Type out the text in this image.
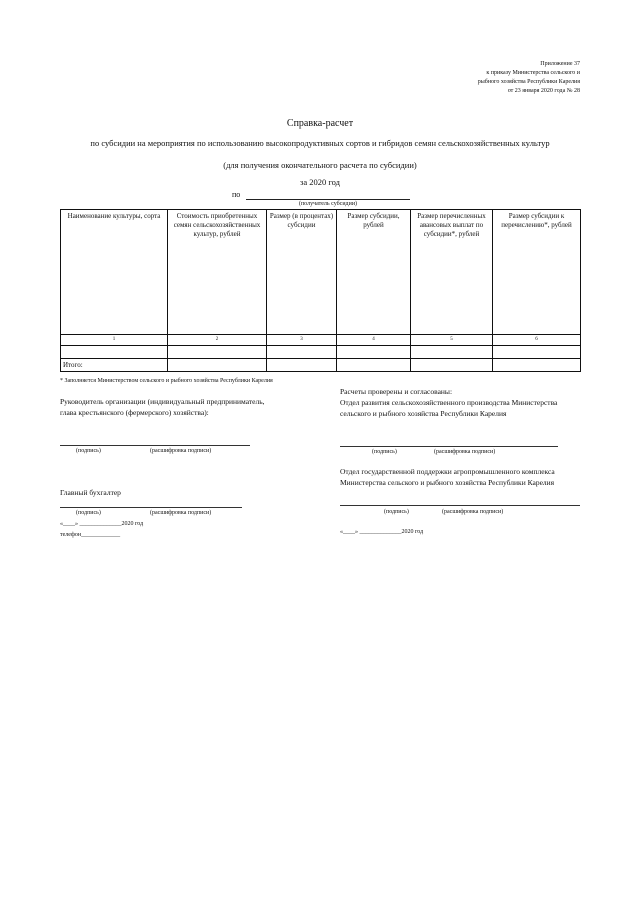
Приложение 37
к приказу Министерства сельского и
рыбного хозяйства Республики Карелия
от 23 января 2020 года № 28
Справка-расчет
по субсидии на мероприятия по использованию высокопродуктивных сортов и гибридов семян сельскохозяйственных культур
(для получения окончательного расчета по субсидии)
за 2020 год
по
(получатель субсидии)
Наименование культуры, сорта	Стоимость приобретенных семян сельскохозяйственных культур, рублей	Размер (в процентах) субсидии	Размер субсидии, рублей	Размер перечисленных авансовых выплат по субсидии*, рублей	Размер субсидии к перечислению*, рублей
1	2	3	4	5	6

Итого:					
* Заполняется Министерством сельского и рыбного хозяйства Республики Карелия
Руководитель организации (индивидуальный предприниматель, глава крестьянского (фермерского) хозяйства):
(подпись)	(расшифровка подписи)
Главный бухгалтер
(подпись)	(расшифровка подписи)
«____» ______________2020 год
телефон_____________
Расчеты проверены и согласованы:
Отдел развития сельскохозяйственного производства Министерства сельского и рыбного хозяйства Республики Карелия
(подпись)	(расшифровка подписи)
Отдел государственной поддержки агропромышленного комплекса Министерства сельского и рыбного хозяйства Республики Карелия
(подпись)	(расшифровка подписи)
«____» ______________2020 год
